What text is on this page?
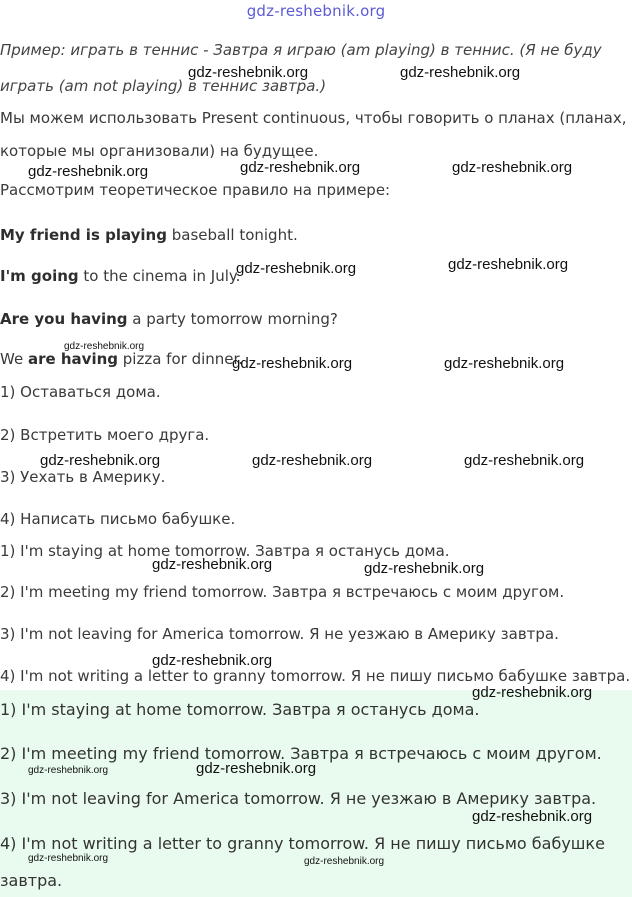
gdz-reshebnik.org
Пример: играть в теннис - Завтра я играю (am playing) в теннис. (Я не буду
играть (am not playing) в теннис завтра.)
Мы можем использовать Present continuous, чтобы говорить о планах (планах,
которые мы организовали) на будущее.
Рассмотрим теоретическое правило на примере:
My friend is playing baseball tonight.
I'm going to the cinema in July.
Are you having a party tomorrow morning?
We are having pizza for dinner.
1) Оставаться дома.
2) Встретить моего друга.
3) Уехать в Америку.
4) Написать письмо бабушке.
1) I'm staying at home tomorrow. Завтра я останусь дома.
2) I'm meeting my friend tomorrow. Завтра я встречаюсь с моим другом.
3) I'm not leaving for America tomorrow. Я не уезжаю в Америку завтра.
4) I'm not writing a letter to granny tomorrow. Я не пишу письмо бабушке завтра.
1) I'm staying at home tomorrow. Завтра я останусь дома.
2) I'm meeting my friend tomorrow. Завтра я встречаюсь с моим другом.
3) I'm not leaving for America tomorrow. Я не уезжаю в Америку завтра.
4) I'm not writing a letter to granny tomorrow. Я не пишу письмо бабушке
завтра.
gdz-reshebnik.org	gdz-reshebnik.org
gdz-reshebnik.org	gdz-reshebnik.org
gdz-reshebnik.org
gdz-reshebnik.org
gdz-reshebnik.org
gdz-reshebnik.org
gdz-reshebnik.org	gdz-reshebnik.org
gdz-reshebnik.org	gdz-reshebnik.org	gdz-reshebnik.org
gdz-reshebnik.org	gdz-reshebnik.org
gdz-reshebnik.org
gdz-reshebnik.org
gdz-reshebnik.org
gdz-reshebnik.org
gdz-reshebnik.org
gdz-reshebnik.org	gdz-reshebnik.org
